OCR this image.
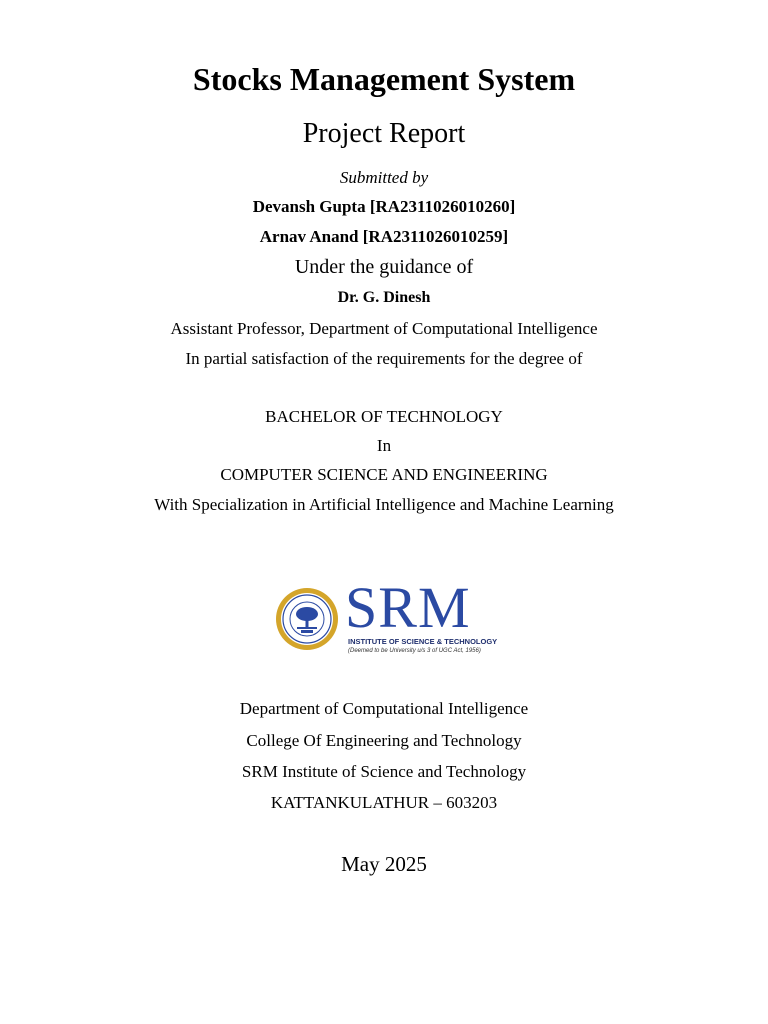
Stocks Management System
Project Report
Submitted by
Devansh Gupta [RA2311026010260]
Arnav Anand [RA2311026010259]
Under the guidance of
Dr. G. Dinesh
Assistant Professor, Department of Computational Intelligence
In partial satisfaction of the requirements for the degree of
BACHELOR OF TECHNOLOGY
In
COMPUTER SCIENCE AND ENGINEERING
With Specialization in Artificial Intelligence and Machine Learning
SRM
INSTITUTE OF SCIENCE & TECHNOLOGY
(Deemed to be University u/s 3 of UGC Act, 1956)
Department of Computational Intelligence
College Of Engineering and Technology
SRM Institute of Science and Technology
KATTANKULATHUR – 603203
May 2025
